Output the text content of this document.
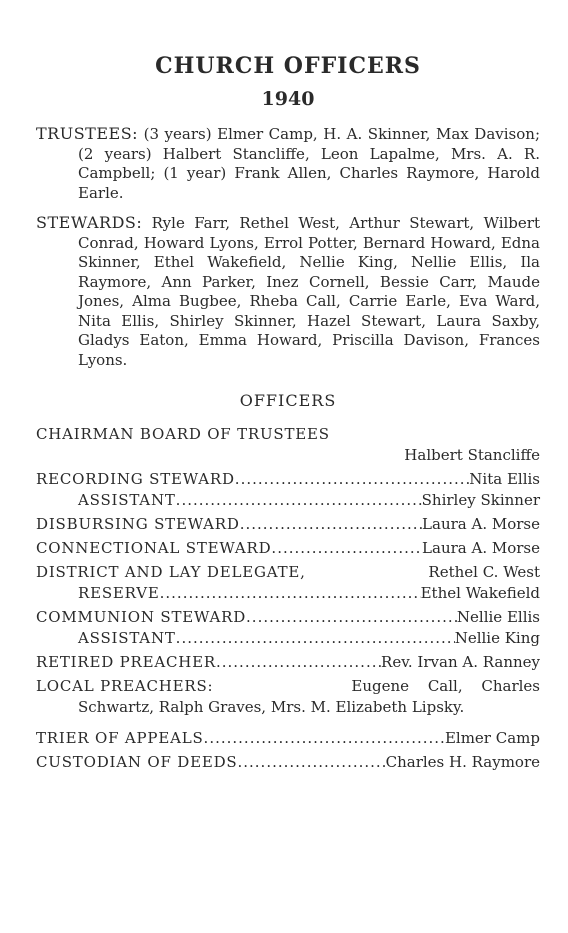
CHURCH OFFICERS
1940

TRUSTEES: (3 years) Elmer Camp, H. A. Skinner, Max Davison; (2 years) Halbert Stancliffe, Leon Lapalme, Mrs. A. R. Campbell; (1 year) Frank Allen, Charles Raymore, Harold Earle.

STEWARDS: Ryle Farr, Rethel West, Arthur Stewart, Wilbert Conrad, Howard Lyons, Errol Potter, Bernard Howard, Edna Skinner, Ethel Wakefield, Nellie King, Nellie Ellis, Ila Raymore, Ann Parker, Inez Cornell, Bessie Carr, Maude Jones, Alma Bugbee, Rheba Call, Carrie Earle, Eva Ward, Nita Ellis, Shirley Skinner, Hazel Stewart, Laura Saxby, Gladys Eaton, Emma Howard, Priscilla Davison, Frances Lyons.

OFFICERS

CHAIRMAN BOARD OF TRUSTEES

Halbert Stancliffe

RECORDING STEWARD .....	Nita Ellis
ASSISTANT .....	Shirley Skinner
DISBURSING STEWARD .....	Laura A. Morse
CONNECTIONAL STEWARD .....	Laura A. Morse
DISTRICT AND LAY DELEGATE,	Rethel C. West
RESERVE .....	Ethel Wakefield
COMMUNION STEWARD .....	Nellie Ellis
ASSISTANT .....	Nellie King
RETIRED PREACHER .....	Rev. Irvan A. Ranney
LOCAL PREACHERS:	Eugene Call, Charles

Schwartz, Ralph Graves, Mrs. M. Elizabeth Lipsky.

TRIER OF APPEALS .....	Elmer Camp
CUSTODIAN OF DEEDS .....	Charles H. Raymore
